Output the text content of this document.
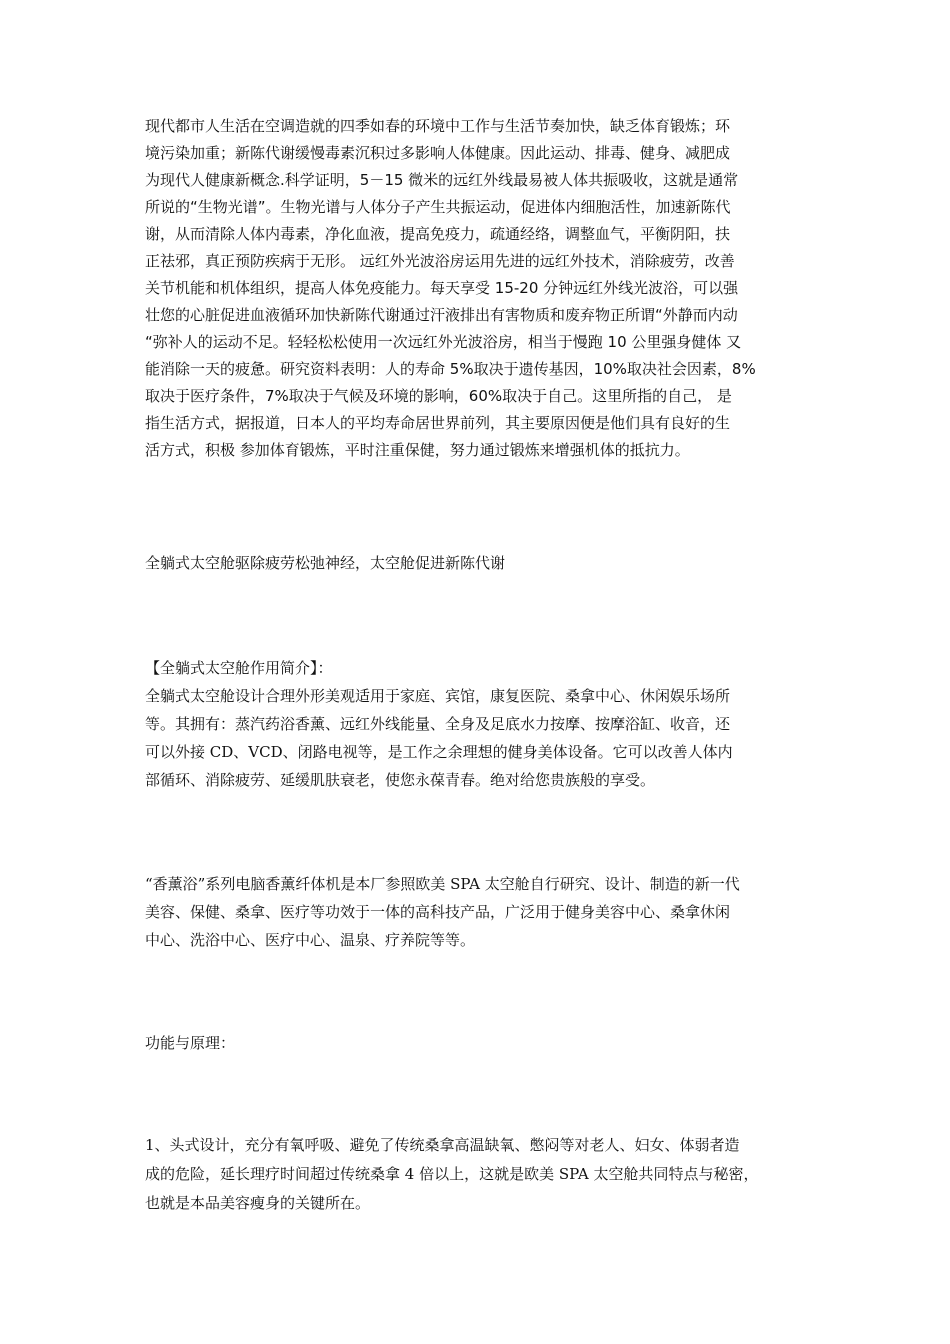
现代都市人生活在空调造就的四季如春的环境中工作与生活节奏加快，缺乏体育锻炼；环
境污染加重；新陈代谢缓慢毒素沉积过多影响人体健康。因此运动、排毒、健身、减肥成
为现代人健康新概念.科学证明，5－15 微米的远红外线最易被人体共振吸收，这就是通常
所说的“生物光谱”。生物光谱与人体分子产生共振运动，促进体内细胞活性，加速新陈代
谢，从而清除人体内毒素，净化血液，提高免疫力，疏通经络，调整血气，平衡阴阳，扶
正祛邪，真正预防疾病于无形。 远红外光波浴房运用先进的远红外技术，消除疲劳，改善
关节机能和机体组织，提高人体免疫能力。每天享受 15-20 分钟远红外线光波浴，可以强
壮您的心脏促进血液循环加快新陈代谢通过汗液排出有害物质和废弃物正所谓“外静而内动
“弥补人的运动不足。轻轻松松使用一次远红外光波浴房，相当于慢跑 10 公里强身健体 又
能消除一天的疲惫。研究资料表明：人的寿命 5%取决于遗传基因，10%取决社会因素，8%
取决于医疗条件，7%取决于气候及环境的影响，60%取决于自己。这里所指的自己， 是
指生活方式，据报道，日本人的平均寿命居世界前列，其主要原因便是他们具有良好的生
活方式，积极 参加体育锻炼，平时注重保健，努力通过锻炼来增强机体的抵抗力。
全躺式太空舱驱除疲劳松弛神经，太空舱促进新陈代谢
【全躺式太空舱作用简介】：
全躺式太空舱设计合理外形美观适用于家庭、宾馆，康复医院、桑拿中心、休闲娱乐场所
等。其拥有：蒸汽药浴香薰、远红外线能量、全身及足底水力按摩、按摩浴缸、收音，还
可以外接 CD、VCD、闭路电视等，是工作之余理想的健身美体设备。它可以改善人体内
部循环、消除疲劳、延缓肌肤衰老，使您永葆青春。绝对给您贵族般的享受。
“香薰浴”系列电脑香薰纤体机是本厂参照欧美 SPA 太空舱自行研究、设计、制造的新一代
美容、保健、桑拿、医疗等功效于一体的高科技产品，广泛用于健身美容中心、桑拿休闲
中心、洗浴中心、医疗中心、温泉、疗养院等等。
功能与原理：
1、头式设计，充分有氧呼吸、避免了传统桑拿高温缺氧、憋闷等对老人、妇女、体弱者造
成的危险，延长理疗时间超过传统桑拿 4 倍以上，这就是欧美 SPA 太空舱共同特点与秘密，
也就是本品美容瘦身的关键所在。
